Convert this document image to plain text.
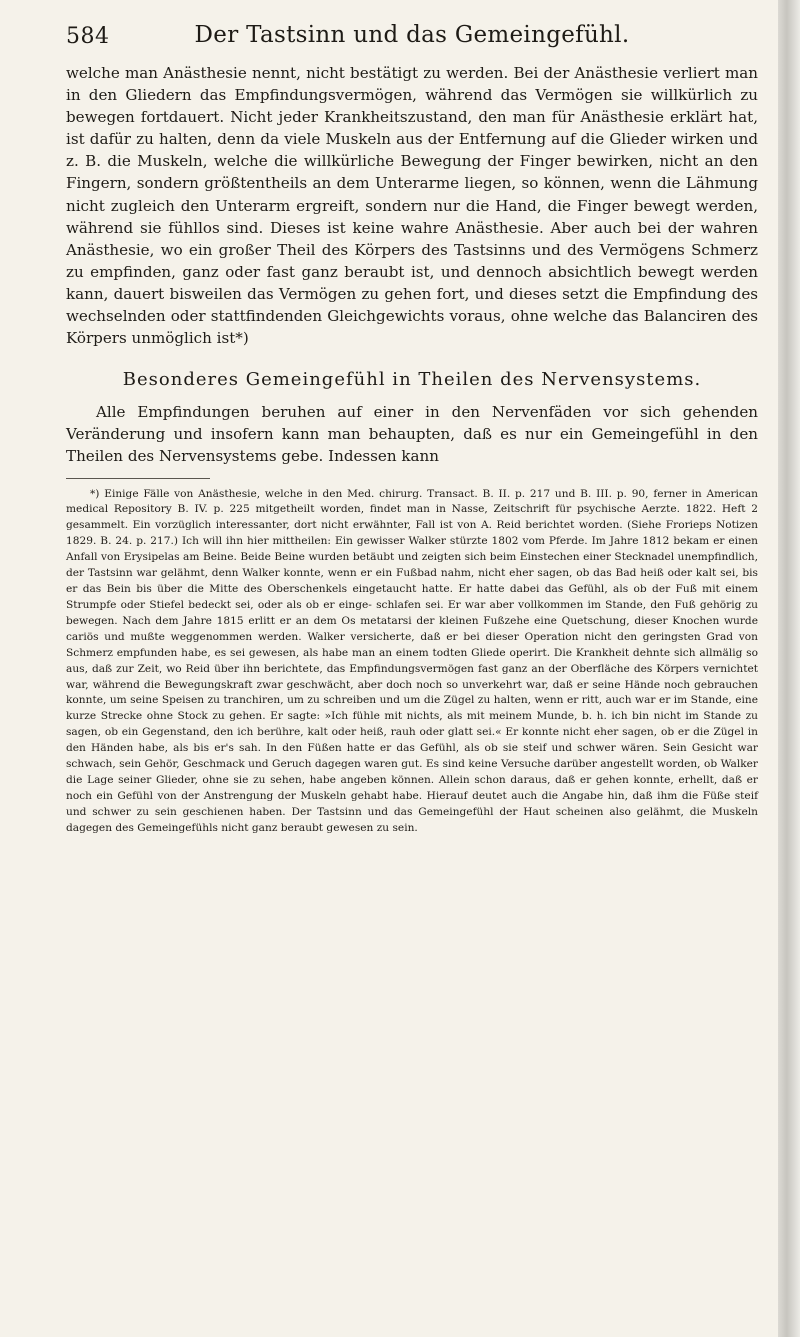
584	Der Tastsinn und das Gemeingefühl.

welche man Anästhesie nennt, nicht bestätigt zu werden. Bei der Anästhesie verliert man in den Gliedern das Empfindungsvermögen, während das Vermögen sie willkürlich zu bewegen fortdauert. Nicht jeder Krankheitszustand, den man für Anästhesie erklärt hat, ist dafür zu halten, denn da viele Muskeln aus der Entfernung auf die Glieder wirken und z. B. die Muskeln, welche die willkürliche Bewegung der Finger bewirken, nicht an den Fingern, sondern größtentheils an dem Unterarme liegen, so können, wenn die Lähmung nicht zugleich den Unterarm ergreift, sondern nur die Hand, die Finger bewegt werden, während sie fühllos sind. Dieses ist keine wahre Anästhesie. Aber auch bei der wahren Anästhesie, wo ein großer Theil des Körpers des Tastsinns und des Vermögens Schmerz zu empfinden, ganz oder fast ganz beraubt ist, und dennoch absichtlich bewegt werden kann, dauert bisweilen das Vermögen zu gehen fort, und dieses setzt die Empfindung des wechselnden oder stattfindenden Gleichgewichts voraus, ohne welche das Balanciren des Körpers unmöglich ist*)

Besonderes Gemeingefühl in Theilen des Nervensystems.

Alle Empfindungen beruhen auf einer in den Nervenfäden vor sich gehenden Veränderung und insofern kann man behaupten, daß es nur ein Gemeingefühl in den Theilen des Nervensystems gebe. Indessen kann

*) Einige Fälle von Anästhesie, welche in den Med. chirurg. Transact. B. II. p. 217 und B. III. p. 90, ferner in American medical Repository B. IV. p. 225 mitgetheilt worden, findet man in Nasse, Zeitschrift für psychische Aerzte. 1822. Heft 2 gesammelt. Ein vorzüglich interessanter, dort nicht erwähnter, Fall ist von A. Reid berichtet worden. (Siehe Frorieps Notizen 1829. B. 24. p. 217.) Ich will ihn hier mittheilen: Ein gewisser Walker stürzte 1802 vom Pferde. Im Jahre 1812 bekam er einen Anfall von Erysipelas am Beine. Beide Beine wurden betäubt und zeigten sich beim Einstechen einer Stecknadel unempfindlich, der Tastsinn war gelähmt, denn Walker konnte, wenn er ein Fußbad nahm, nicht eher sagen, ob das Bad heiß oder kalt sei, bis er das Bein bis über die Mitte des Oberschenkels eingetaucht hatte. Er hatte dabei das Gefühl, als ob der Fuß mit einem Strumpfe oder Stiefel bedeckt sei, oder als ob er einge- schlafen sei. Er war aber vollkommen im Stande, den Fuß gehörig zu bewegen. Nach dem Jahre 1815 erlitt er an dem Os metatarsi der kleinen Fußzehe eine Quetschung, dieser Knochen wurde cariös und mußte weggenommen werden. Walker versicherte, daß er bei dieser Operation nicht den geringsten Grad von Schmerz empfunden habe, es sei gewesen, als habe man an einem todten Gliede operirt. Die Krankheit dehnte sich allmälig so aus, daß zur Zeit, wo Reid über ihn berichtete, das Empfindungsvermögen fast ganz an der Oberfläche des Körpers vernichtet war, während die Bewegungskraft zwar geschwächt, aber doch noch so unverkehrt war, daß er seine Hände noch gebrauchen konnte, um seine Speisen zu tranchiren, um zu schreiben und um die Zügel zu halten, wenn er ritt, auch war er im Stande, eine kurze Strecke ohne Stock zu gehen. Er sagte: »Ich fühle mit nichts, als mit meinem Munde, b. h. ich bin nicht im Stande zu sagen, ob ein Gegenstand, den ich berühre, kalt oder heiß, rauh oder glatt sei.« Er konnte nicht eher sagen, ob er die Zügel in den Händen habe, als bis er's sah. In den Füßen hatte er das Gefühl, als ob sie steif und schwer wären. Sein Gesicht war schwach, sein Gehör, Geschmack und Geruch dagegen waren gut. Es sind keine Versuche darüber angestellt worden, ob Walker die Lage seiner Glieder, ohne sie zu sehen, habe angeben können. Allein schon daraus, daß er gehen konnte, erhellt, daß er noch ein Gefühl von der Anstrengung der Muskeln gehabt habe. Hierauf deutet auch die Angabe hin, daß ihm die Füße steif und schwer zu sein geschienen haben. Der Tastsinn und das Gemeingefühl der Haut scheinen also gelähmt, die Muskeln dagegen des Gemeingefühls nicht ganz beraubt gewesen zu sein.
